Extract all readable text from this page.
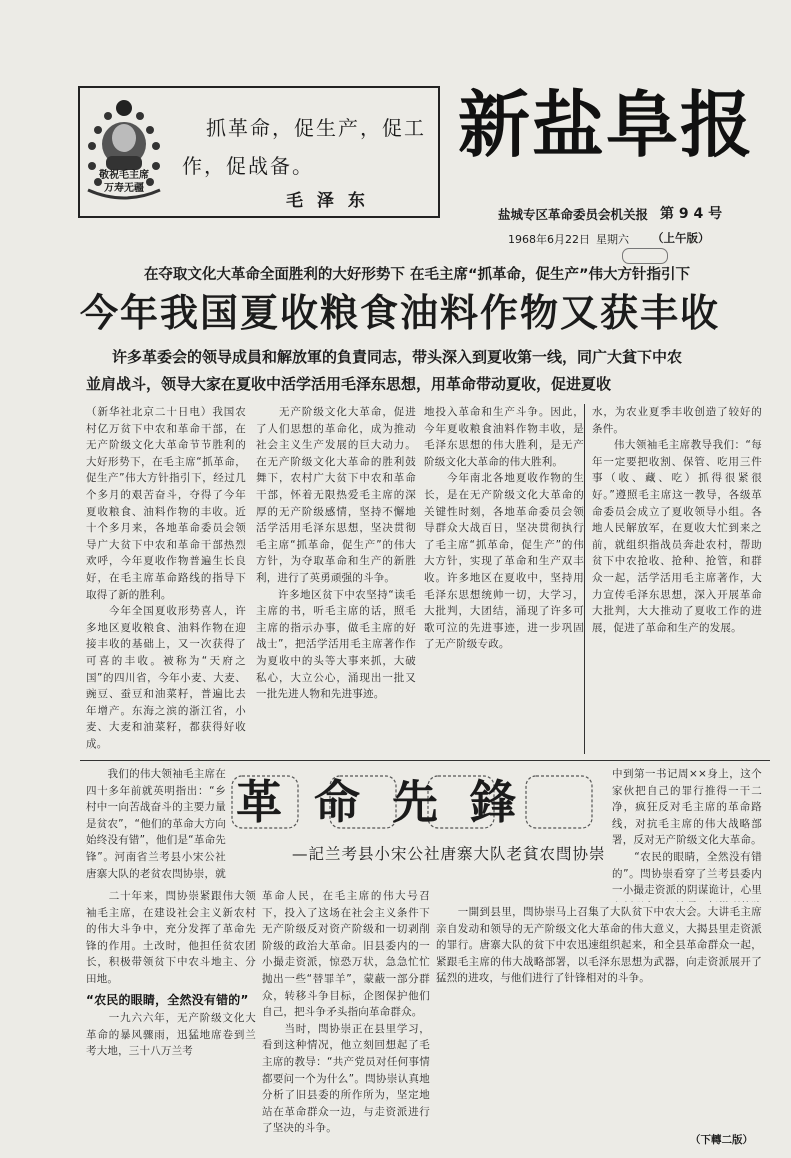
敬祝毛主席
万寿无疆
抓革命，促生产，促工
作，促战备。
毛 泽 东
新盐阜报
盐城专区革命委员会机关报 第 9 4 号
1968年6月22日 星期六 （上午版）
在夺取文化大革命全面胜利的大好形势下 在毛主席“抓革命，促生产”伟大方针指引下
今年我国夏收粮食油料作物又获丰收
许多革委会的领导成員和解放軍的負責同志，带头深入到夏收第一线，同广大貧下中农
並肩战斗，领导大家在夏收中活学活用毛泽东思想，用革命带动夏收，促进夏收
（新华社北京二十日电）我国农村亿万贫下中农和革命干部，在无产阶级文化大革命节节胜利的大好形势下，在毛主席“抓革命，促生产”伟大方针指引下，经过几个多月的艰苦奋斗，夺得了今年夏收粮食、油料作物的丰收。近十个多月来，各地革命委员会领导广大贫下中农和革命干部热烈欢呼，今年夏收作物普遍生长良好，在毛主席革命路线的指导下取得了新的胜利。
　　今年全国夏收形势喜人，许多地区夏收粮食、油料作物在迎接丰收的基础上，又一次获得了可喜的丰收。被称为“天府之国”的四川省，今年小麦、大麦、豌豆、蚕豆和油菜籽，普遍比去年增产。东海之滨的浙江省，小麦、大麦和油菜籽，都获得好收成。
　　无产阶级文化大革命，促进了人们思想的革命化，成为推动社会主义生产发展的巨大动力。在无产阶级文化大革命的胜利鼓舞下，农村广大贫下中农和革命干部，怀着无限热爱毛主席的深厚的无产阶级感情，坚持不懈地活学活用毛泽东思想，坚决贯彻毛主席“抓革命，促生产”的伟大方针，为夺取革命和生产的新胜利，进行了英勇顽强的斗争。
　　许多地区贫下中农坚持“读毛主席的书，听毛主席的话，照毛主席的指示办事，做毛主席的好战士”，把活学活用毛主席著作作为夏收中的头等大事来抓，大破私心，大立公心，涌现出一批又一批先进人物和先进事迹。
地投入革命和生产斗争。因此，今年夏收粮食油料作物丰收，是毛泽东思想的伟大胜利，是无产阶级文化大革命的伟大胜利。
　　今年南北各地夏收作物的生长，是在无产阶级文化大革命的关键性时刻，各地革命委员会领导群众大战百日，坚决贯彻执行了毛主席“抓革命，促生产”的伟大方针，实现了革命和生产双丰收。许多地区在夏收中，坚持用毛泽东思想统帅一切，大学习，大批判，大团结，涌现了许多可歌可泣的先进事迹，进一步巩固了无产阶级专政。
水，为农业夏季丰收创造了较好的条件。
　　伟大领袖毛主席教导我们：“每年一定要把收割、保管、吃用三件事（收、藏、吃）抓得很紧很好。”遵照毛主席这一教导，各级革命委员会成立了夏收领导小组。各地人民解放军，在夏收大忙到来之前，就组织指战员奔赴农村，帮助贫下中农抢收、抢种、抢管，和群众一起，活学活用毛主席著作，大力宣传毛泽东思想，深入开展革命大批判，大大推动了夏收工作的进展，促进了革命和生产的发展。
　　我们的伟大领袖毛主席在四十多年前就英明指出：“乡村中一向苦战奋斗的主要力量是贫农”，“他们的革命大方向始终没有错”，他们是“革命先锋”。河南省兰考县小宋公社唐寨大队的老贫农閆协崇，就
革 命 先 鋒
—記兰考县小宋公社唐寨大队老貧农閆协崇
中到第一书记周××身上，这个家伙把自己的罪行推得一干二净，疯狂反对毛主席的革命路线，对抗毛主席的伟大战略部署，反对无产阶级文化大革命。
　　“农民的眼睛，全然没有错的”。閆协崇看穿了兰考县委内一小撮走资派的阴谋诡计，心里
　　二十年来，閆协崇紧跟伟大领袖毛主席，在建设社会主义新农村的伟大斗争中，充分发挥了革命先锋的作用。土改时，他担任贫农团长，积极带领贫下中农斗地主、分田地。
“农民的眼睛，全然没有错的”
　　一九六六年，无产阶级文化大革命的暴风骤雨，迅猛地席卷到兰考大地，三十八万兰考
革命人民，在毛主席的伟大号召下，投入了这场在社会主义条件下无产阶级反对资产阶级和一切剥削阶级的政治大革命。旧县委内的一小撮走资派，惊恐万状，急急忙忙抛出一些“替罪羊”，蒙蔽一部分群众，转移斗争目标，企图保护他们自己，把斗争矛头指向革命群众。
　　当时，閆协崇正在县里学习，看到这种情况，他立刻回想起了毛主席的教导：“共产党员对任何事情都要问一个为什么”。閆协崇认真地分析了旧县委的所作所为，坚定地站在革命群众一边，与走资派进行了坚决的斗争。
　　一開到县里，閆协崇马上召集了大队贫下中农大会。大讲毛主席亲自发动和领导的无产阶级文化大革命的伟大意义，大揭县里走资派的罪行。唐寨大队的贫下中农迅速组织起来，和全县革命群众一起，紧跟毛主席的伟大战略部署，以毛泽东思想为武器，向走资派展开了猛烈的进攻，与他们进行了针锋相对的斗争。
（下轉二版）
